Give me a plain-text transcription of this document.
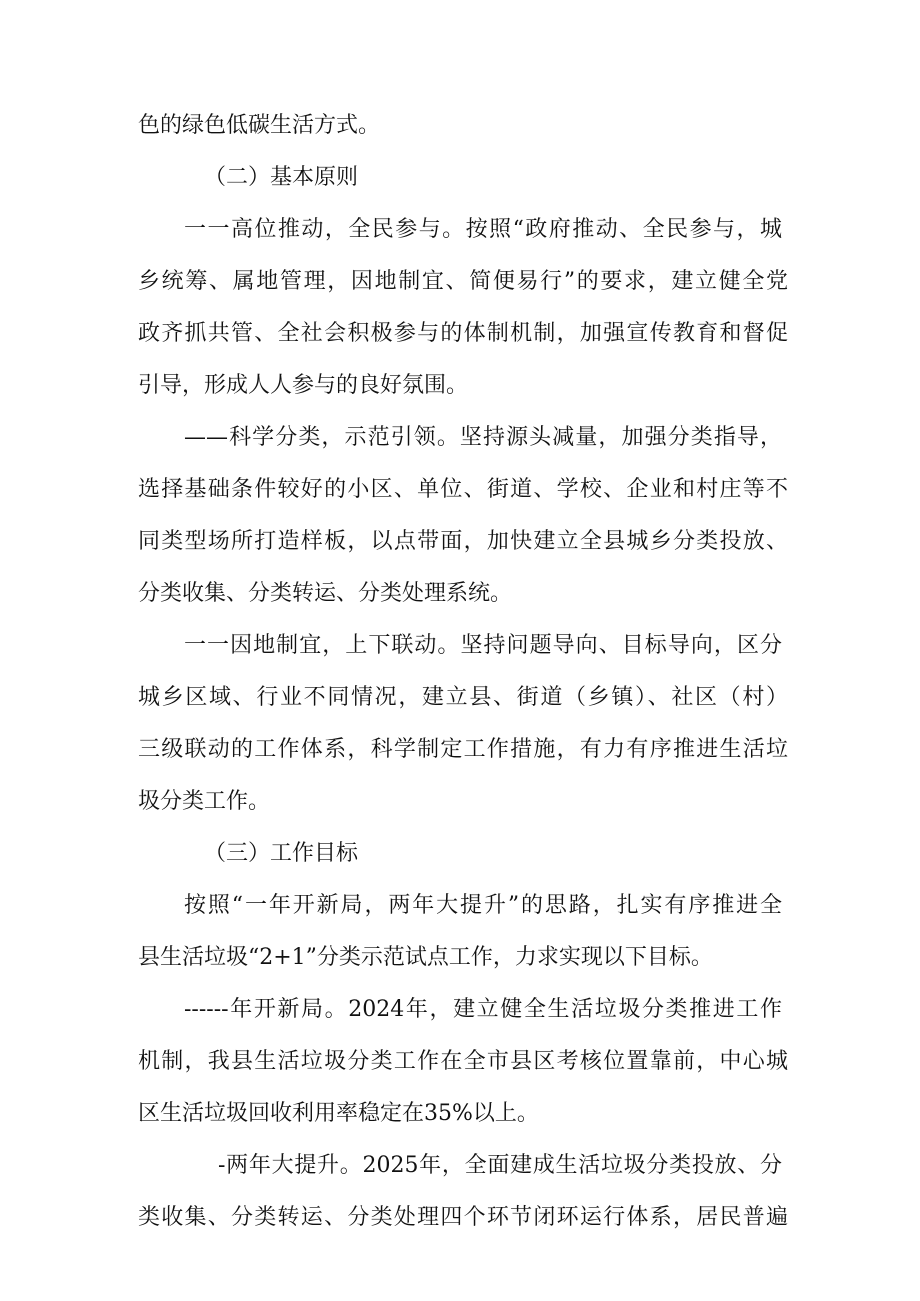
色的绿色低碳生活方式。
（二）基本原则
一一高位推动，全民参与。按照“政府推动、全民参与，城
乡统筹、属地管理，因地制宜、简便易行”的要求，建立健全党
政齐抓共管、全社会积极参与的体制机制，加强宣传教育和督促
引导，形成人人参与的良好氛围。
——科学分类，示范引领。坚持源头减量，加强分类指导，
选择基础条件较好的小区、单位、街道、学校、企业和村庄等不
同类型场所打造样板，以点带面，加快建立全县城乡分类投放、
分类收集、分类转运、分类处理系统。
一一因地制宜，上下联动。坚持问题导向、目标导向，区分
城乡区域、行业不同情况，建立县、街道（乡镇）、社区（村）
三级联动的工作体系，科学制定工作措施，有力有序推进生活垃
圾分类工作。
（三）工作目标
按照“一年开新局，两年大提升”的思路，扎实有序推进全
县生活垃圾“2+1”分类示范试点工作，力求实现以下目标。
------年开新局。2024年，建立健全生活垃圾分类推进工作
机制，我县生活垃圾分类工作在全市县区考核位置靠前，中心城
区生活垃圾回收利用率稳定在35%以上。
-两年大提升。2025年，全面建成生活垃圾分类投放、分
类收集、分类转运、分类处理四个环节闭环运行体系，居民普遍
